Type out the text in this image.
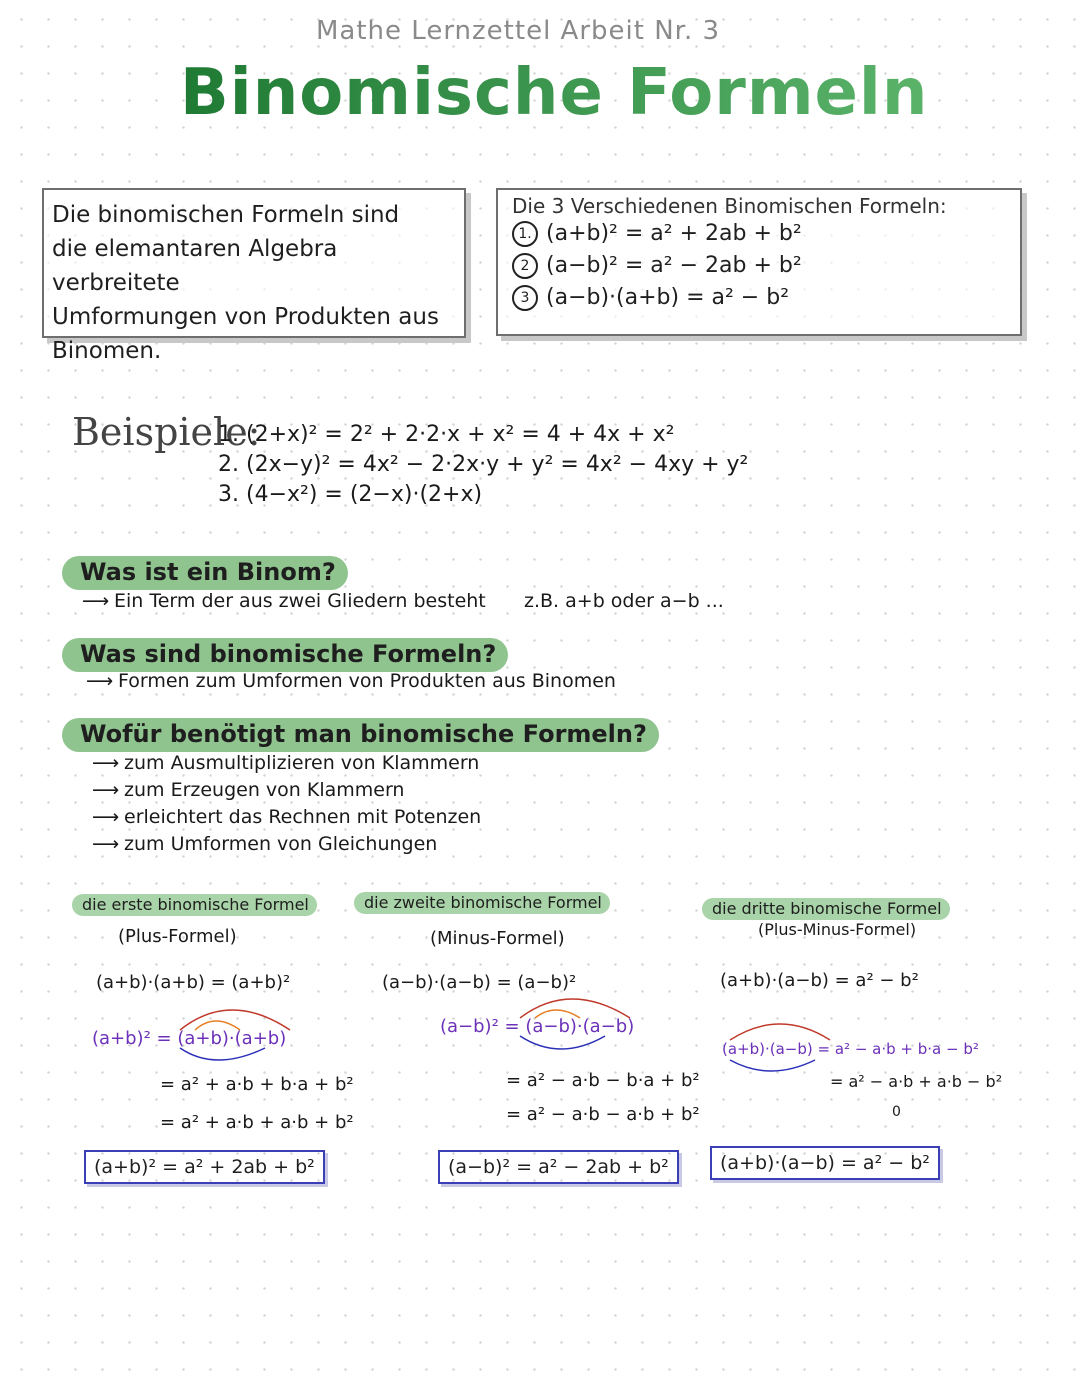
Mathe Lernzettel Arbeit Nr. 3
Binomische Formeln
Die binomischen Formeln sind
die elemantaren Algebra verbreitete
Umformungen von Produkten aus
Binomen.
Die 3 Verschiedenen Binomischen Formeln:
1. (a+b)² = a² + 2ab + b²
2 (a−b)² = a² − 2ab + b²
3 (a−b)·(a+b) = a² − b²
Beispiele:
1. (2+x)² = 2² + 2·2·x + x² = 4 + 4x + x²
2. (2x−y)² = 4x² − 2·2x·y + y² = 4x² − 4xy + y²
3. (4−x²) = (2−x)·(2+x)
Was ist ein Binom?
⟶ Ein Term der aus zwei Gliedern besteht z.B. a+b oder a−b ...
Was sind binomische Formeln?
⟶ Formen zum Umformen von Produkten aus Binomen
Wofür benötigt man binomische Formeln?
⟶ zum Ausmultiplizieren von Klammern
⟶ zum Erzeugen von Klammern
⟶ erleichtert das Rechnen mit Potenzen
⟶ zum Umformen von Gleichungen
die erste binomische Formel
(Plus-Formel)
(a+b)·(a+b) = (a+b)²
(a+b)² = (a+b)·(a+b)
= a² + a·b + b·a + b²
= a² + a·b + a·b + b²
(a+b)² = a² + 2ab + b²
die zweite binomische Formel
(Minus-Formel)
(a−b)·(a−b) = (a−b)²
(a−b)² = (a−b)·(a−b)
= a² − a·b − b·a + b²
= a² − a·b − a·b + b²
(a−b)² = a² − 2ab + b²
die dritte binomische Formel
(Plus-Minus-Formel)
(a+b)·(a−b) = a² − b²
(a+b)·(a−b) = a² − a·b + b·a − b²
= a² − a·b + a·b − b²
0
(a+b)·(a−b) = a² − b²
